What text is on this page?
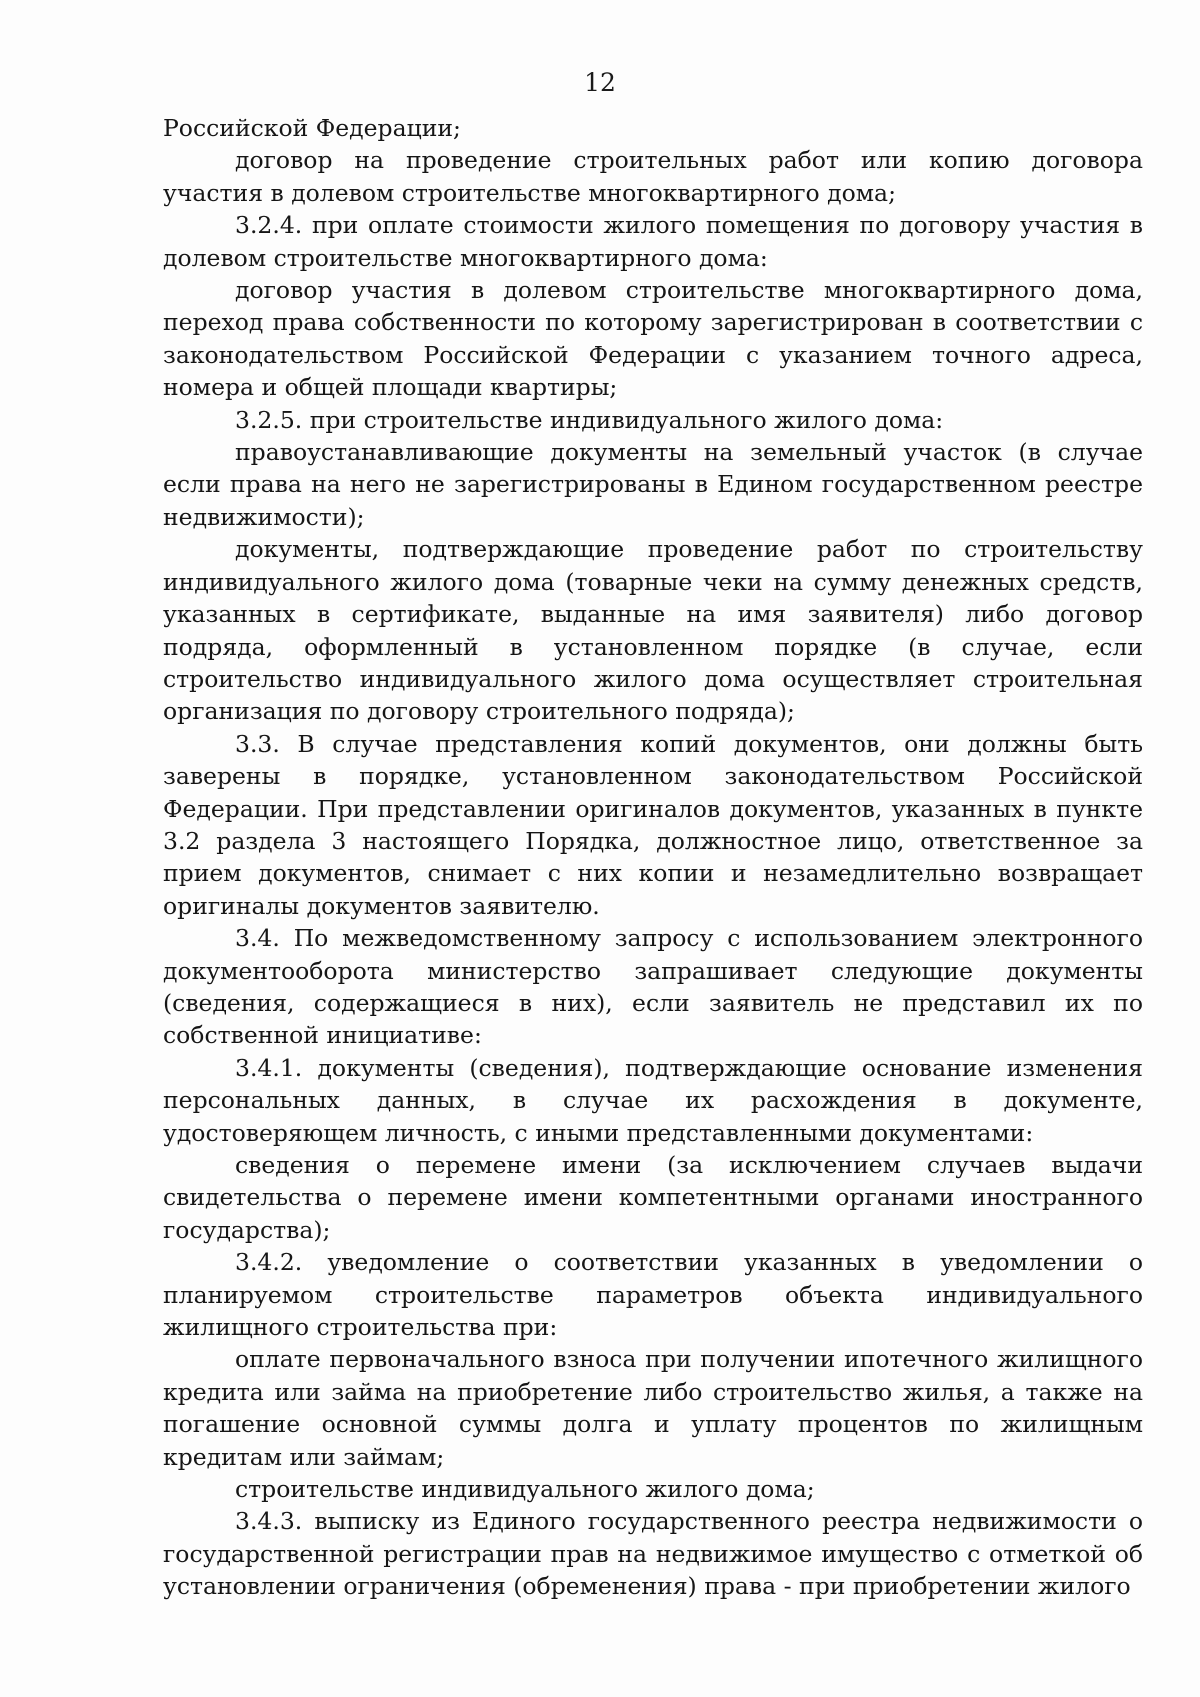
12

Российской Федерации;

договор на проведение строительных работ или копию договора участия в долевом строительстве многоквартирного дома;

3.2.4. при оплате стоимости жилого помещения по договору участия в долевом строительстве многоквартирного дома:

договор участия в долевом строительстве многоквартирного дома, переход права собственности по которому зарегистрирован в соответствии с законодательством Российской Федерации с указанием точного адреса, номера и общей площади квартиры;

3.2.5. при строительстве индивидуального жилого дома:

правоустанавливающие документы на земельный участок (в случае если права на него не зарегистрированы в Едином государственном реестре недвижимости);

документы, подтверждающие проведение работ по строительству индивидуального жилого дома (товарные чеки на сумму денежных средств, указанных в сертификате, выданные на имя заявителя) либо договор подряда, оформленный в установленном порядке (в случае, если строительство индивидуального жилого дома осуществляет строительная организация по договору строительного подряда);

3.3. В случае представления копий документов, они должны быть заверены в порядке, установленном законодательством Российской Федерации. При представлении оригиналов документов, указанных в пункте 3.2 раздела 3 настоящего Порядка, должностное лицо, ответственное за прием документов, снимает с них копии и незамедлительно возвращает оригиналы документов заявителю.

3.4. По межведомственному запросу с использованием электронного документооборота министерство запрашивает следующие документы (сведения, содержащиеся в них), если заявитель не представил их по собственной инициативе:

3.4.1. документы (сведения), подтверждающие основание изменения персональных данных, в случае их расхождения в документе, удостоверяющем личность, с иными представленными документами:

сведения о перемене имени (за исключением случаев выдачи свидетельства о перемене имени компетентными органами иностранного государства);

3.4.2. уведомление о соответствии указанных в уведомлении о планируемом строительстве параметров объекта индивидуального жилищного строительства при:

оплате первоначального взноса при получении ипотечного жилищного кредита или займа на приобретение либо строительство жилья, а также на погашение основной суммы долга и уплату процентов по жилищным кредитам или займам;

строительстве индивидуального жилого дома;

3.4.3. выписку из Единого государственного реестра недвижимости о государственной регистрации прав на недвижимое имущество с отметкой об установлении ограничения (обременения) права - при приобретении жилого
